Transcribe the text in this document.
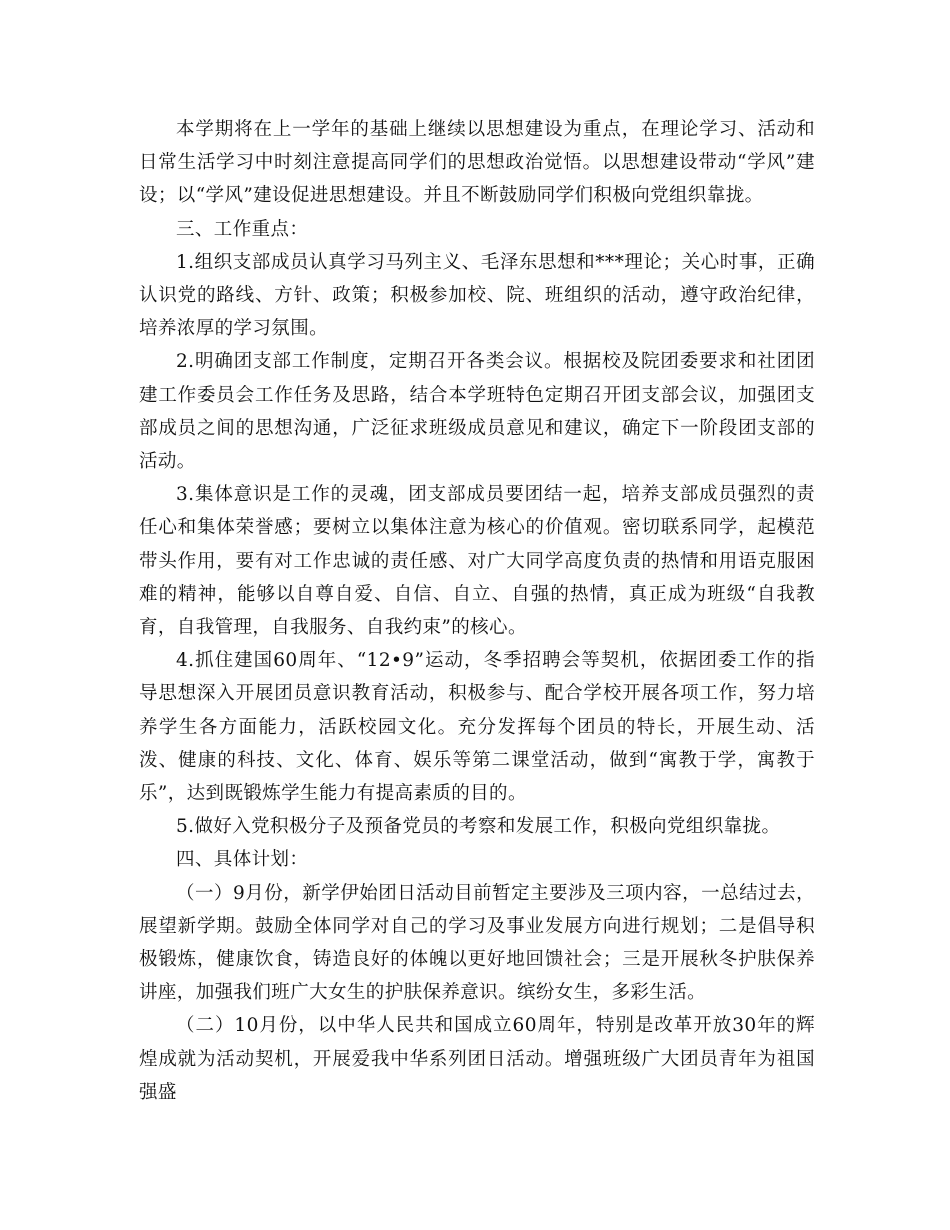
本学期将在上一学年的基础上继续以思想建设为重点，在理论学习、活动和日常生活学习中时刻注意提高同学们的思想政治觉悟。以思想建设带动“学风”建设；以“学风”建设促进思想建设。并且不断鼓励同学们积极向党组织靠拢。

三、工作重点：

1.组织支部成员认真学习马列主义、毛泽东思想和***理论；关心时事，正确认识党的路线、方针、政策；积极参加校、院、班组织的活动，遵守政治纪律，培养浓厚的学习氛围。

2.明确团支部工作制度，定期召开各类会议。根据校及院团委要求和社团团建工作委员会工作任务及思路，结合本学班特色定期召开团支部会议，加强团支部成员之间的思想沟通，广泛征求班级成员意见和建议，确定下一阶段团支部的活动。

3.集体意识是工作的灵魂，团支部成员要团结一起，培养支部成员强烈的责任心和集体荣誉感；要树立以集体注意为核心的价值观。密切联系同学，起模范带头作用，要有对工作忠诚的责任感、对广大同学高度负责的热情和用语克服困难的精神，能够以自尊自爱、自信、自立、自强的热情，真正成为班级“自我教育，自我管理，自我服务、自我约束”的核心。

4.抓住建国60周年、“12•9”运动，冬季招聘会等契机，依据团委工作的指导思想深入开展团员意识教育活动，积极参与、配合学校开展各项工作，努力培养学生各方面能力，活跃校园文化。充分发挥每个团员的特长，开展生动、活泼、健康的科技、文化、体育、娱乐等第二课堂活动，做到“寓教于学，寓教于乐”，达到既锻炼学生能力有提高素质的目的。

5.做好入党积极分子及预备党员的考察和发展工作，积极向党组织靠拢。

四、具体计划：

（一）9月份，新学伊始团日活动目前暂定主要涉及三项内容，一总结过去，展望新学期。鼓励全体同学对自己的学习及事业发展方向进行规划；二是倡导积极锻炼，健康饮食，铸造良好的体魄以更好地回馈社会；三是开展秋冬护肤保养讲座，加强我们班广大女生的护肤保养意识。缤纷女生，多彩生活。

（二）10月份，以中华人民共和国成立60周年，特别是改革开放30年的辉煌成就为活动契机，开展爱我中华系列团日活动。增强班级广大团员青年为祖国强盛
